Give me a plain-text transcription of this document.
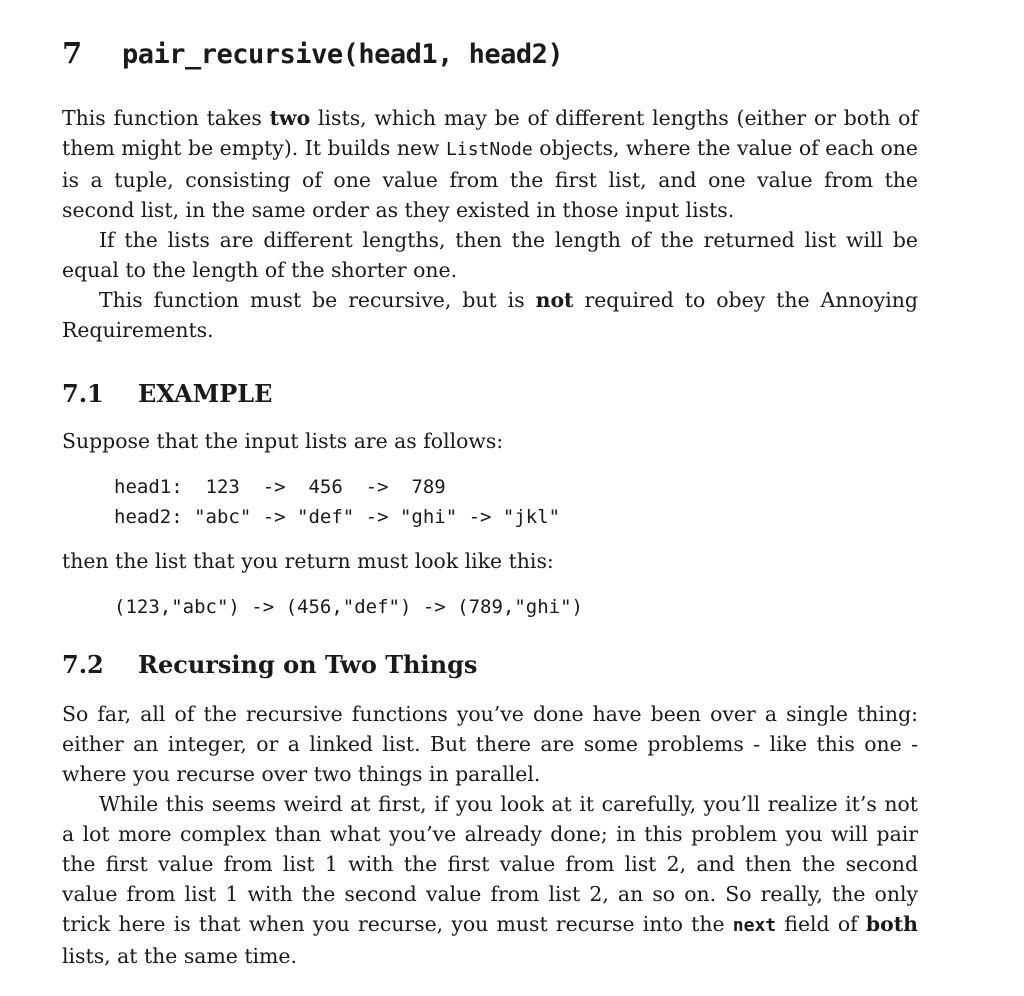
7	pair_recursive(head1, head2)

This function takes two lists, which may be of different lengths (either or both of them might be empty). It builds new ListNode objects, where the value of each one is a tuple, consisting of one value from the first list, and one value from the second list, in the same order as they existed in those input lists.

If the lists are different lengths, then the length of the returned list will be equal to the length of the shorter one.

This function must be recursive, but is not required to obey the Annoying Requirements.

7.1	EXAMPLE

Suppose that the input lists are as follows:

head1:  123  ->  456  ->  789
head2: "abc" -> "def" -> "ghi" -> "jkl"

then the list that you return must look like this:

(123,"abc") -> (456,"def") -> (789,"ghi")
7.2	Recursing on Two Things

So far, all of the recursive functions you’ve done have been over a single thing: either an integer, or a linked list. But there are some problems - like this one - where you recurse over two things in parallel.

While this seems weird at first, if you look at it carefully, you’ll realize it’s not a lot more complex than what you’ve already done; in this problem you will pair the first value from list 1 with the first value from list 2, and then the second value from list 1 with the second value from list 2, an so on. So really, the only trick here is that when you recurse, you must recurse into the next field of both lists, at the same time.
